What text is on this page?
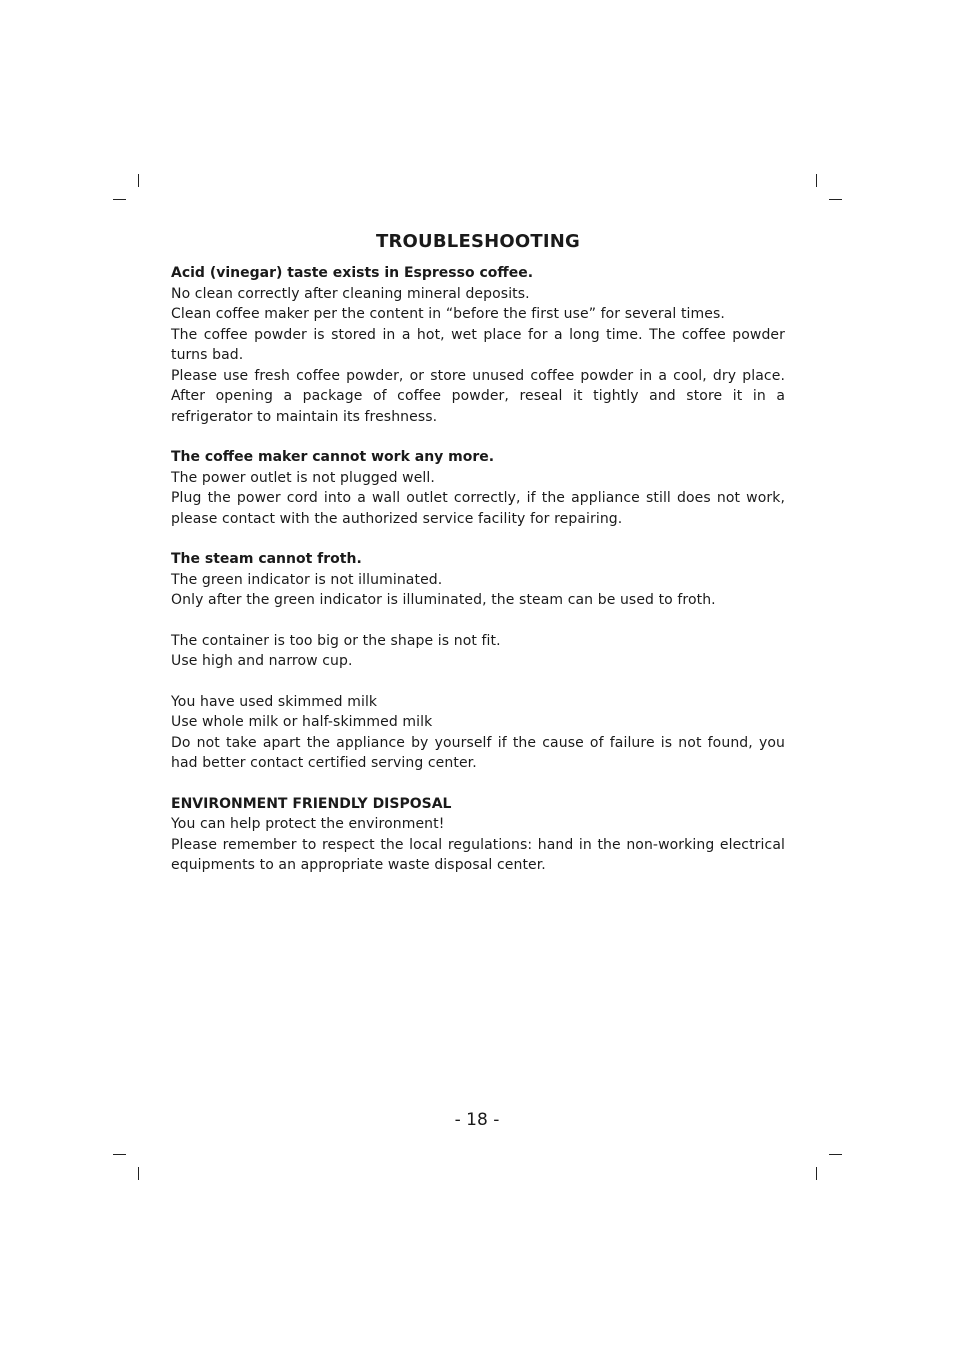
TROUBLESHOOTING

Acid (vinegar) taste exists in Espresso coffee.

No clean correctly after cleaning mineral deposits.

Clean coffee maker per the content in “before the first use” for several times.

The coffee powder is stored in a hot, wet place for a long time. The coffee powder turns bad.

Please use fresh coffee powder, or store unused coffee powder in a cool, dry place. After opening a package of coffee powder, reseal it tightly and store it in a refrigerator to maintain its freshness.

The coffee maker cannot work any more.

The power outlet is not plugged well.

Plug the power cord into a wall outlet correctly, if the appliance still does not work, please contact with the authorized service facility for repairing.

The steam cannot froth.

The green indicator is not illuminated.

Only after the green indicator is illuminated, the steam can be used to froth.

The container is too big or the shape is not fit.

Use high and narrow cup.

You have used skimmed milk

Use whole milk or half-skimmed milk

Do not take apart the appliance by yourself if the cause of failure is not found, you had better contact certified serving center.

ENVIRONMENT FRIENDLY DISPOSAL

You can help protect the environment!

Please remember to respect the local regulations: hand in the non-working electrical equipments to an appropriate waste disposal center.

- 18 -
